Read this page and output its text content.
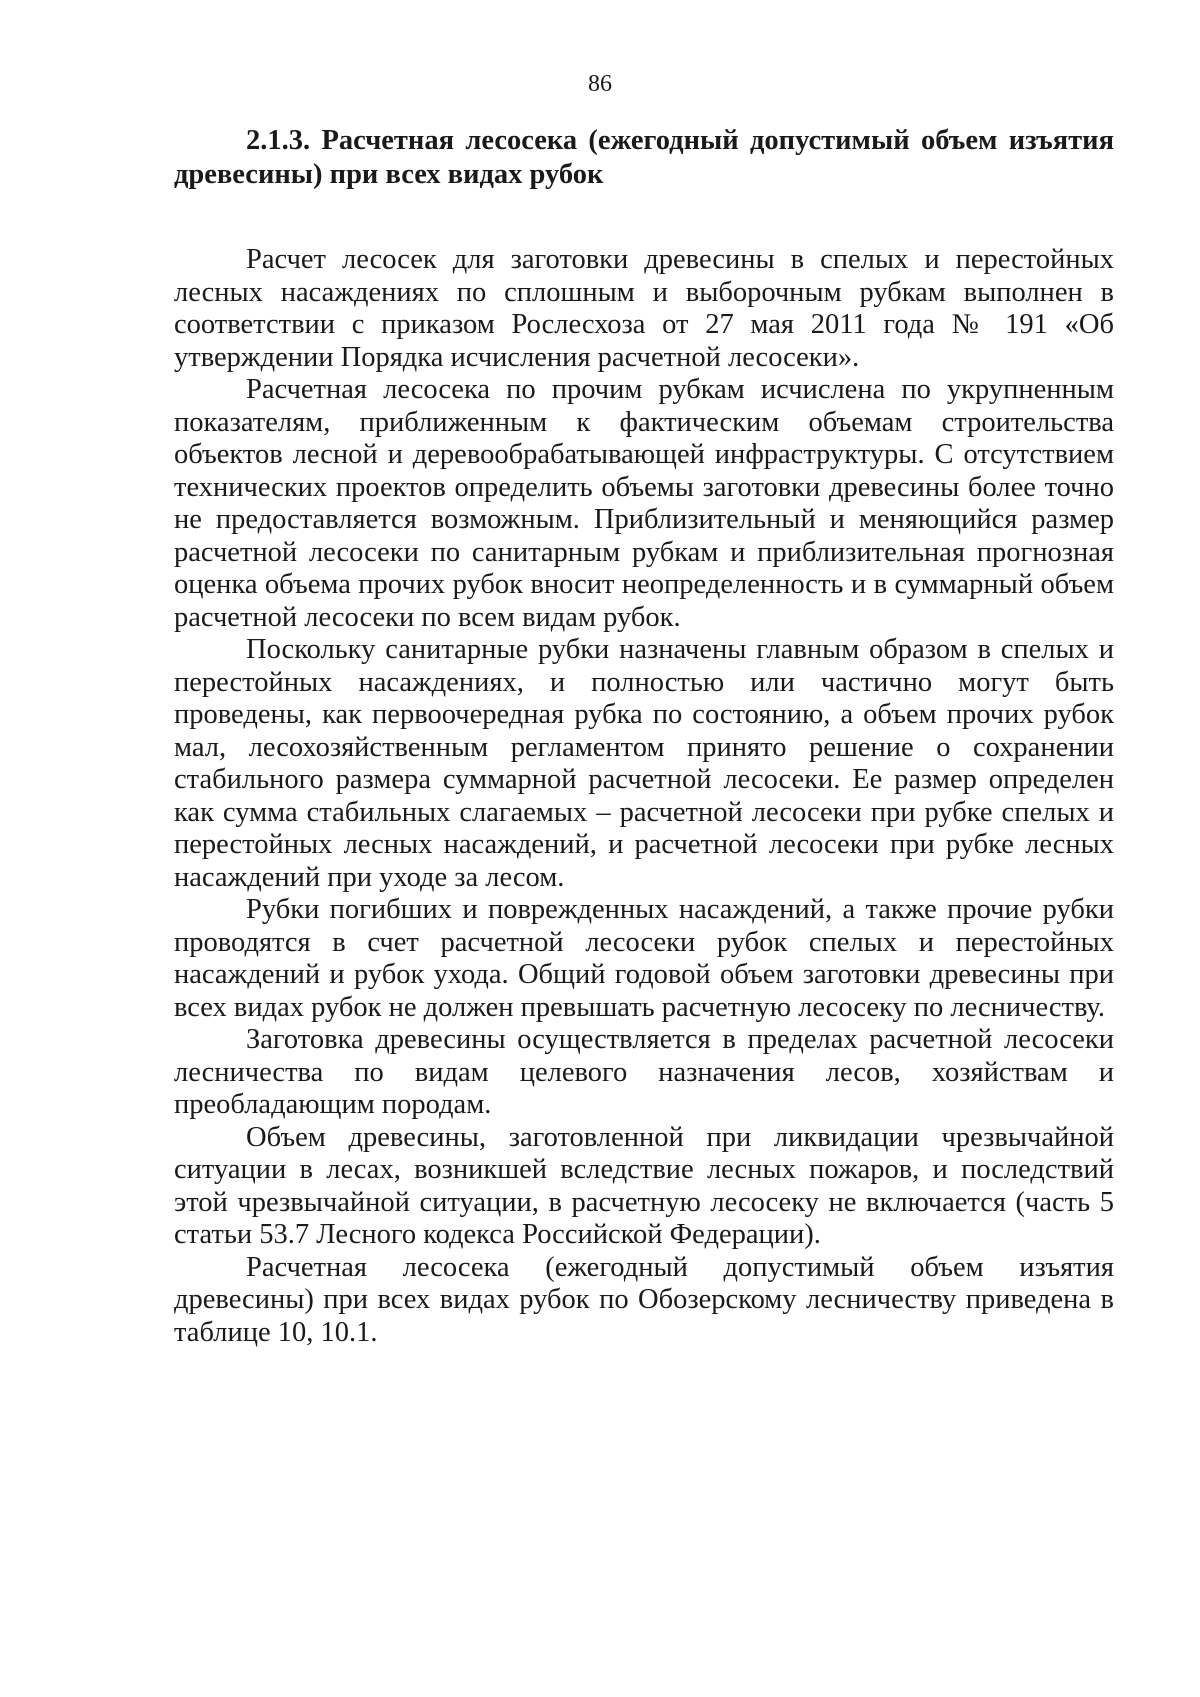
86
2.1.3. Расчетная лесосека (ежегодный допустимый объем изъятия древесины) при всех видах рубок

Расчет лесосек для заготовки древесины в спелых и перестойных лесных насаждениях по сплошным и выборочным рубкам выполнен в соответствии с приказом Рослесхоза от 27 мая 2011 года № 191 «Об утверждении Порядка исчисления расчетной лесосеки».

Расчетная лесосека по прочим рубкам исчислена по укрупненным показателям, приближенным к фактическим объемам строительства объектов лесной и деревообрабатывающей инфраструктуры. С отсутствием технических проектов определить объемы заготовки древесины более точно не предоставляется возможным. Приблизительный и меняющийся размер расчетной лесосеки по санитарным рубкам и приблизительная прогнозная оценка объема прочих рубок вносит неопределенность и в суммарный объем расчетной лесосеки по всем видам рубок.

Поскольку санитарные рубки назначены главным образом в спелых и перестойных насаждениях, и полностью или частично могут быть проведены, как первоочередная рубка по состоянию, а объем прочих рубок мал, лесохозяйственным регламентом принято решение о сохранении стабильного размера суммарной расчетной лесосеки. Ее размер определен как сумма стабильных слагаемых – расчетной лесосеки при рубке спелых и перестойных лесных насаждений, и расчетной лесосеки при рубке лесных насаждений при уходе за лесом.

Рубки погибших и поврежденных насаждений, а также прочие рубки проводятся в счет расчетной лесосеки рубок спелых и перестойных насаждений и рубок ухода. Общий годовой объем заготовки древесины при всех видах рубок не должен превышать расчетную лесосеку по лесничеству.

Заготовка древесины осуществляется в пределах расчетной лесосеки лесничества по видам целевого назначения лесов, хозяйствам и преобладающим породам.

Объем древесины, заготовленной при ликвидации чрезвычайной ситуации в лесах, возникшей вследствие лесных пожаров, и последствий этой чрезвычайной ситуации, в расчетную лесосеку не включается (часть 5 статьи 53.7 Лесного кодекса Российской Федерации).

Расчетная лесосека (ежегодный допустимый объем изъятия древесины) при всех видах рубок по Обозерскому лесничеству приведена в таблице 10, 10.1.
